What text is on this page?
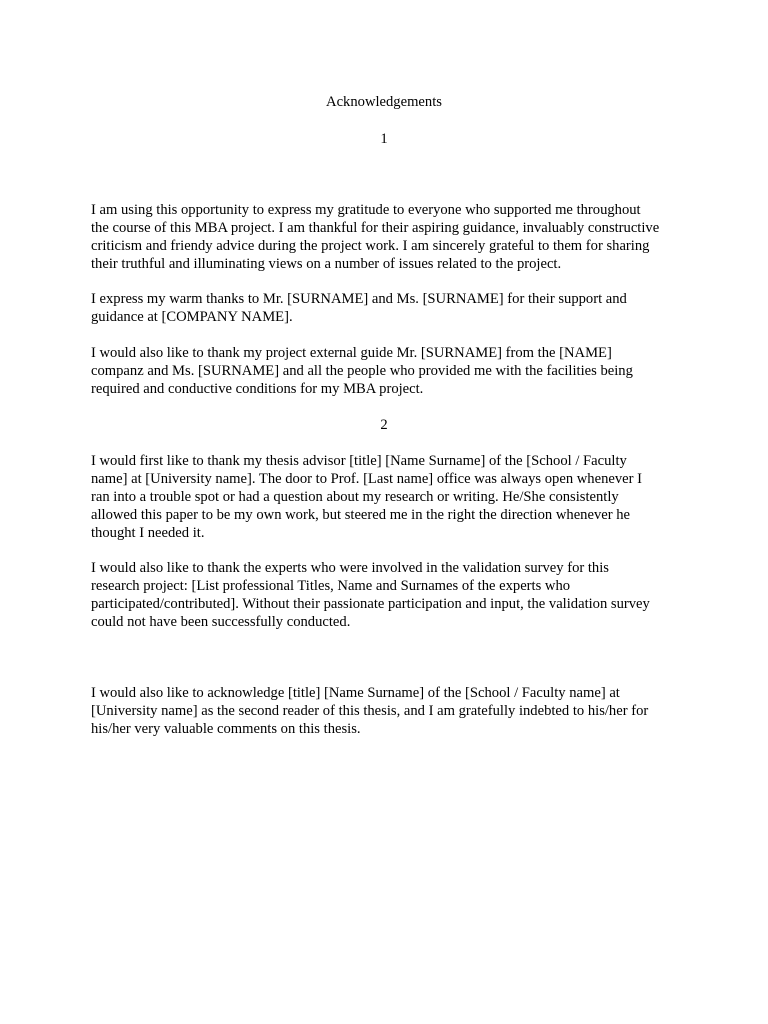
Acknowledgements
1

I am using this opportunity to express my gratitude to everyone who supported me throughout
the course of this MBA project. I am thankful for their aspiring guidance, invaluably constructive
criticism and friendy advice during the project work. I am sincerely grateful to them for sharing
their truthful and illuminating views on a number of issues related to the project.

I express my warm thanks to Mr. [SURNAME] and Ms. [SURNAME] for their support and
guidance at [COMPANY NAME].

I would also like to thank my project external guide Mr. [SURNAME] from the [NAME]
companz and Ms. [SURNAME] and all the people who provided me with the facilities being
required and conductive conditions for my MBA project.

2

I would first like to thank my thesis advisor [title] [Name Surname] of the [School / Faculty
name] at [University name]. The door to Prof. [Last name] office was always open whenever I
ran into a trouble spot or had a question about my research or writing. He/She consistently
allowed this paper to be my own work, but steered me in the right the direction whenever he
thought I needed it.

I would also like to thank the experts who were involved in the validation survey for this
research project: [List professional Titles, Name and Surnames of the experts who
participated/contributed]. Without their passionate participation and input, the validation survey
could not have been successfully conducted.

I would also like to acknowledge [title] [Name Surname] of the [School / Faculty name] at
[University name] as the second reader of this thesis, and I am gratefully indebted to his/her for
his/her very valuable comments on this thesis.
